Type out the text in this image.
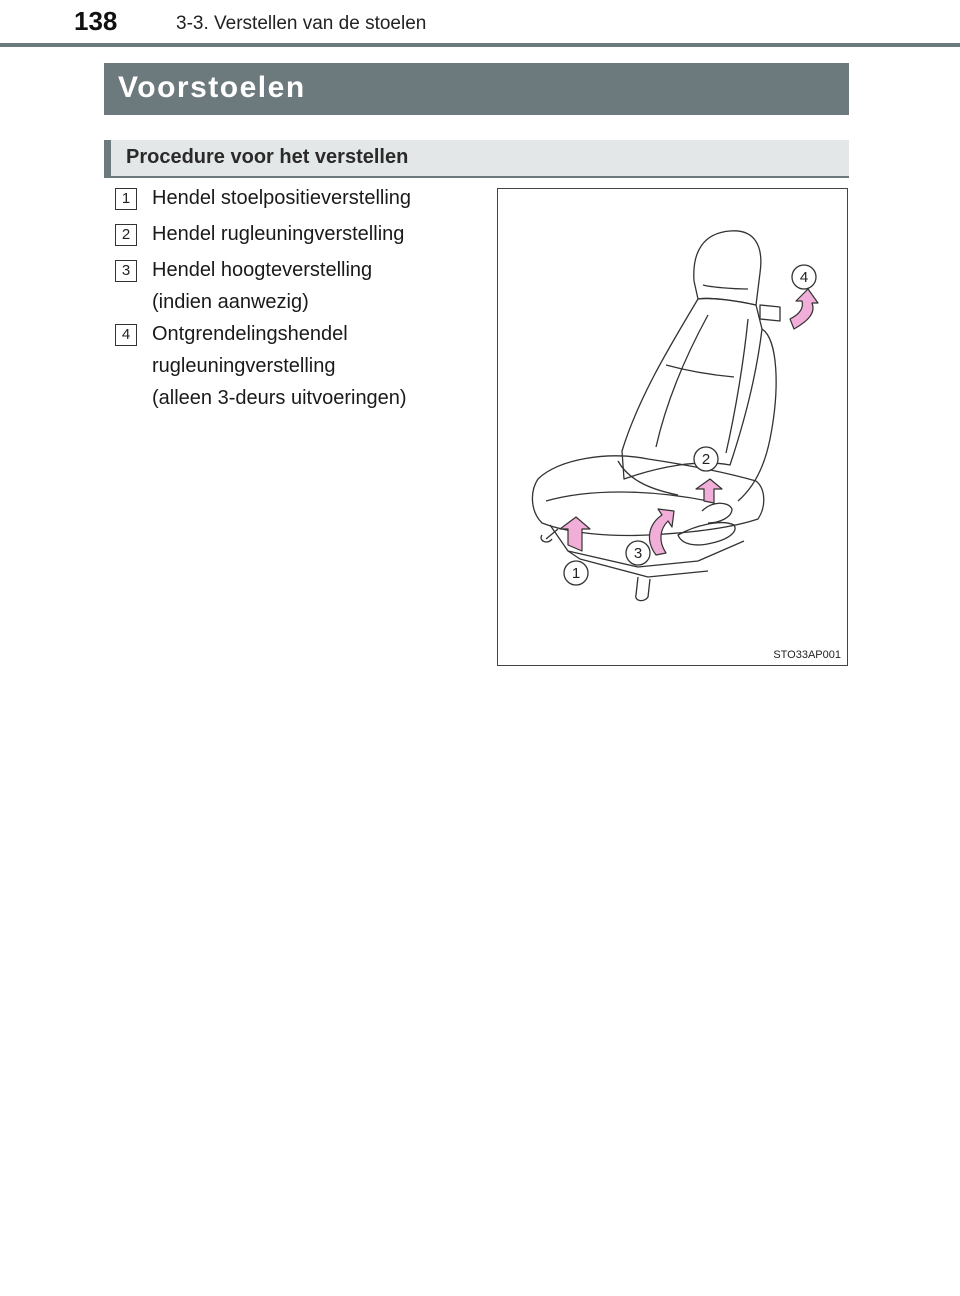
138	3-3. Verstellen van de stoelen
Voorstoelen
Procedure voor het verstellen
1	Hendel stoelpositieverstelling
2	Hendel rugleuningverstelling
3	Hendel hoogteverstelling
(indien aanwezig)
4	Ontgrendelingshendel
rugleuningverstelling
(alleen 3-deurs uitvoeringen)
1
2
3
4
STO33AP001
